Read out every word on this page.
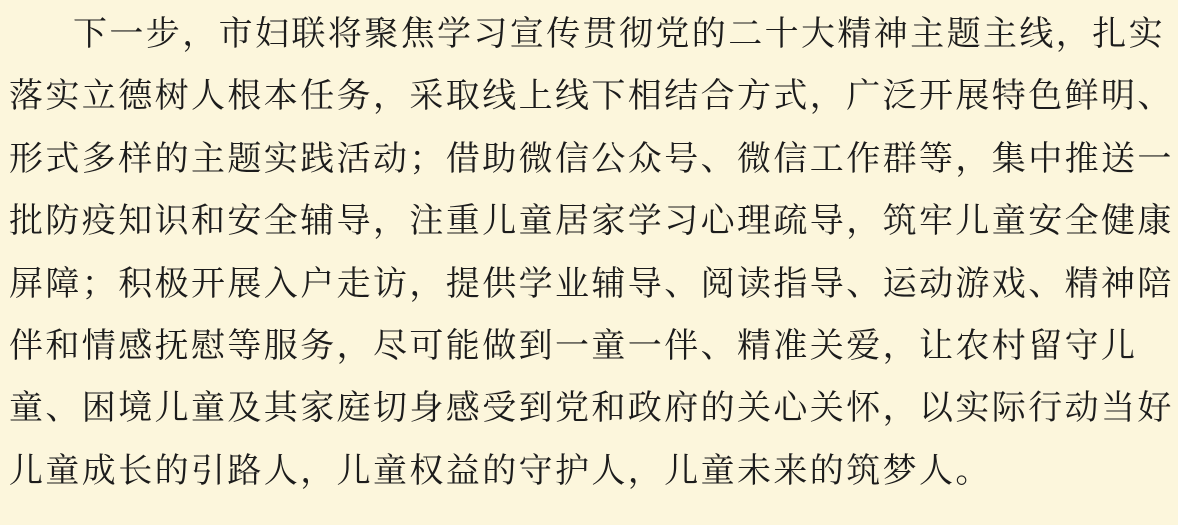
下一步，市妇联将聚焦学习宣传贯彻党的二十大精神主题主线，扎实
落实立德树人根本任务，采取线上线下相结合方式，广泛开展特色鲜明、
形式多样的主题实践活动；借助微信公众号、微信工作群等，集中推送一
批防疫知识和安全辅导，注重儿童居家学习心理疏导，筑牢儿童安全健康
屏障；积极开展入户走访，提供学业辅导、阅读指导、运动游戏、精神陪
伴和情感抚慰等服务，尽可能做到一童一伴、精准关爱，让农村留守儿
童、困境儿童及其家庭切身感受到党和政府的关心关怀，以实际行动当好
儿童成长的引路人，儿童权益的守护人，儿童未来的筑梦人。
